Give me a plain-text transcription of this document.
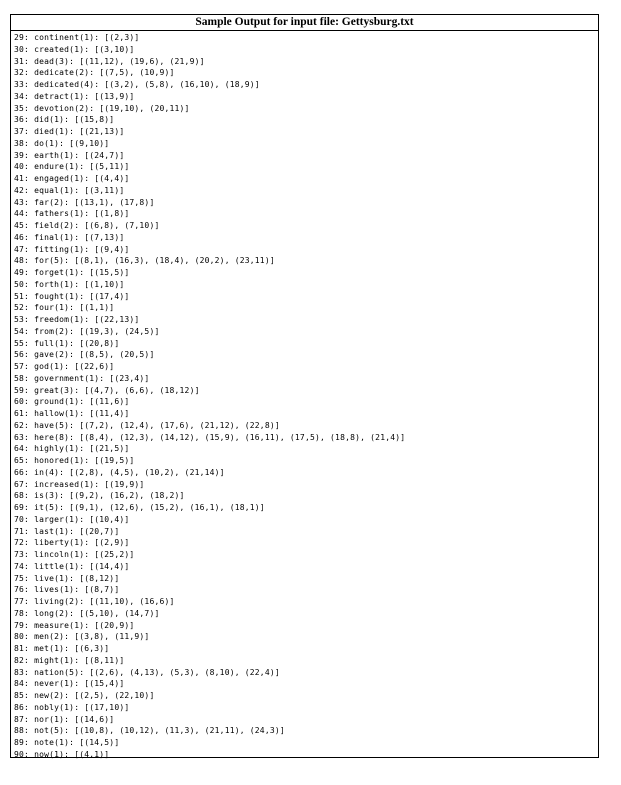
Sample Output for input file: Gettysburg.txt
29: continent(1): [(2,3)]
30: created(1): [(3,10)]
31: dead(3): [(11,12), (19,6), (21,9)]
32: dedicate(2): [(7,5), (10,9)]
33: dedicated(4): [(3,2), (5,8), (16,10), (18,9)]
34: detract(1): [(13,9)]
35: devotion(2): [(19,10), (20,11)]
36: did(1): [(15,8)]
37: died(1): [(21,13)]
38: do(1): [(9,10)]
39: earth(1): [(24,7)]
40: endure(1): [(5,11)]
41: engaged(1): [(4,4)]
42: equal(1): [(3,11)]
43: far(2): [(13,1), (17,8)]
44: fathers(1): [(1,8)]
45: field(2): [(6,8), (7,10)]
46: final(1): [(7,13)]
47: fitting(1): [(9,4)]
48: for(5): [(8,1), (16,3), (18,4), (20,2), (23,11)]
49: forget(1): [(15,5)]
50: forth(1): [(1,10)]
51: fought(1): [(17,4)]
52: four(1): [(1,1)]
53: freedom(1): [(22,13)]
54: from(2): [(19,3), (24,5)]
55: full(1): [(20,8)]
56: gave(2): [(8,5), (20,5)]
57: god(1): [(22,6)]
58: government(1): [(23,4)]
59: great(3): [(4,7), (6,6), (18,12)]
60: ground(1): [(11,6)]
61: hallow(1): [(11,4)]
62: have(5): [(7,2), (12,4), (17,6), (21,12), (22,8)]
63: here(8): [(8,4), (12,3), (14,12), (15,9), (16,11), (17,5), (18,8), (21,4)]
64: highly(1): [(21,5)]
65: honored(1): [(19,5)]
66: in(4): [(2,8), (4,5), (10,2), (21,14)]
67: increased(1): [(19,9)]
68: is(3): [(9,2), (16,2), (18,2)]
69: it(5): [(9,1), (12,6), (15,2), (16,1), (18,1)]
70: larger(1): [(10,4)]
71: last(1): [(20,7)]
72: liberty(1): [(2,9)]
73: lincoln(1): [(25,2)]
74: little(1): [(14,4)]
75: live(1): [(8,12)]
76: lives(1): [(8,7)]
77: living(2): [(11,10), (16,6)]
78: long(2): [(5,10), (14,7)]
79: measure(1): [(20,9)]
80: men(2): [(3,8), (11,9)]
81: met(1): [(6,3)]
82: might(1): [(8,11)]
83: nation(5): [(2,6), (4,13), (5,3), (8,10), (22,4)]
84: never(1): [(15,4)]
85: new(2): [(2,5), (22,10)]
86: nobly(1): [(17,10)]
87: nor(1): [(14,6)]
88: not(5): [(10,8), (10,12), (11,3), (21,11), (24,3)]
89: note(1): [(14,5)]
90: now(1): [(4,1)]
